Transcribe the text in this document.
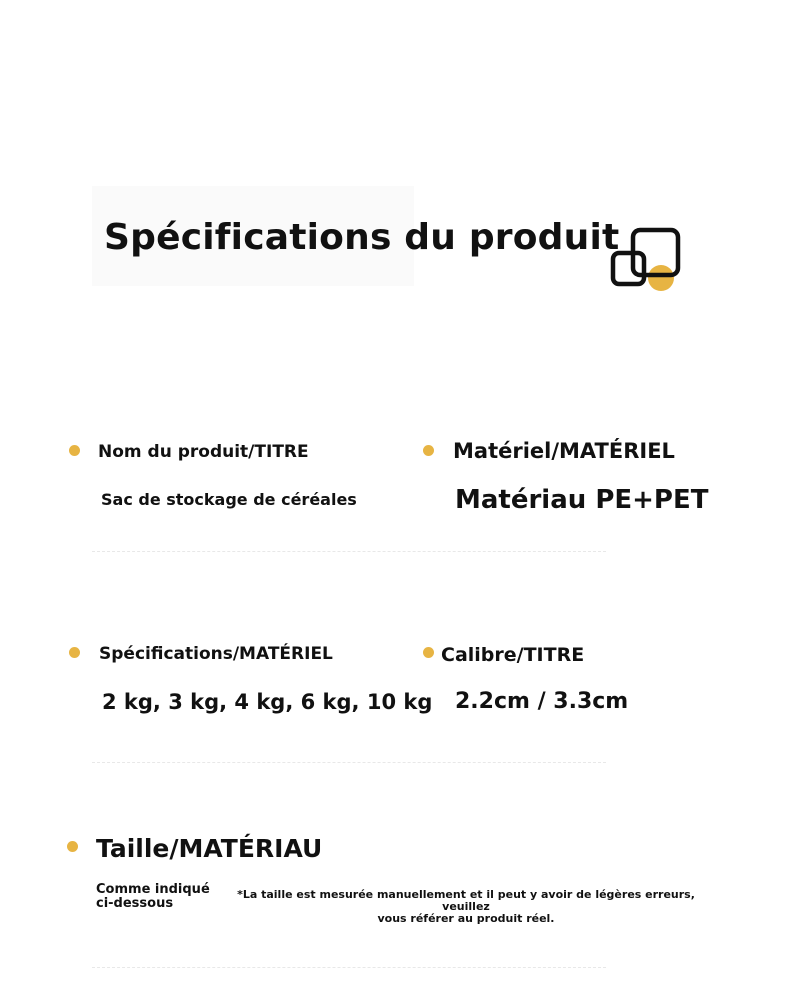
Spécifications du produit
Nom du produit/TITRE
Sac de stockage de céréales
Matériel/MATÉRIEL
Matériau PE+PET
Spécifications/MATÉRIEL
2 kg, 3 kg, 4 kg, 6 kg, 10 kg
Calibre/TITRE
2.2cm / 3.3cm
Taille/MATÉRIAU
Comme indiqué
ci-dessous
*La taille est mesurée manuellement et il peut y avoir de légères erreurs, veuillez
vous référer au produit réel.
